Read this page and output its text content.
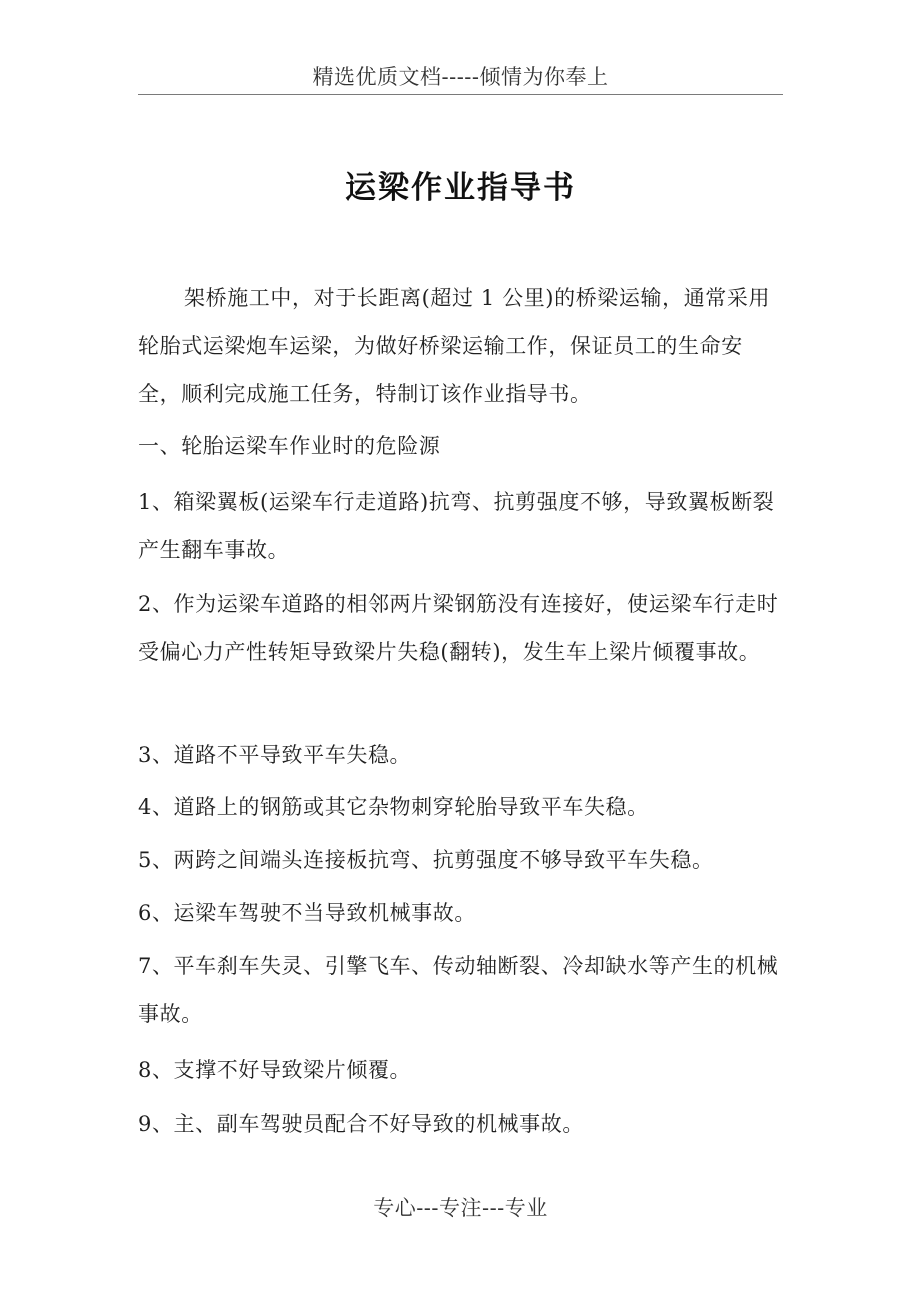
精选优质文档-----倾情为你奉上
运梁作业指导书

架桥施工中，对于长距离(超过 1 公里)的桥梁运输，通常采用轮胎式运梁炮车运梁，为做好桥梁运输工作，保证员工的生命安全，顺利完成施工任务，特制订该作业指导书。

一、轮胎运梁车作业时的危险源

1、箱梁翼板(运梁车行走道路)抗弯、抗剪强度不够，导致翼板断裂产生翻车事故。

2、作为运梁车道路的相邻两片梁钢筋没有连接好，使运梁车行走时受偏心力产性转矩导致梁片失稳(翻转)，发生车上梁片倾覆事故。

3、道路不平导致平车失稳。

4、道路上的钢筋或其它杂物刺穿轮胎导致平车失稳。

5、两跨之间端头连接板抗弯、抗剪强度不够导致平车失稳。

6、运梁车驾驶不当导致机械事故。

7、平车刹车失灵、引擎飞车、传动轴断裂、冷却缺水等产生的机械事故。

8、支撑不好导致梁片倾覆。

9、主、副车驾驶员配合不好导致的机械事故。

专心---专注---专业
